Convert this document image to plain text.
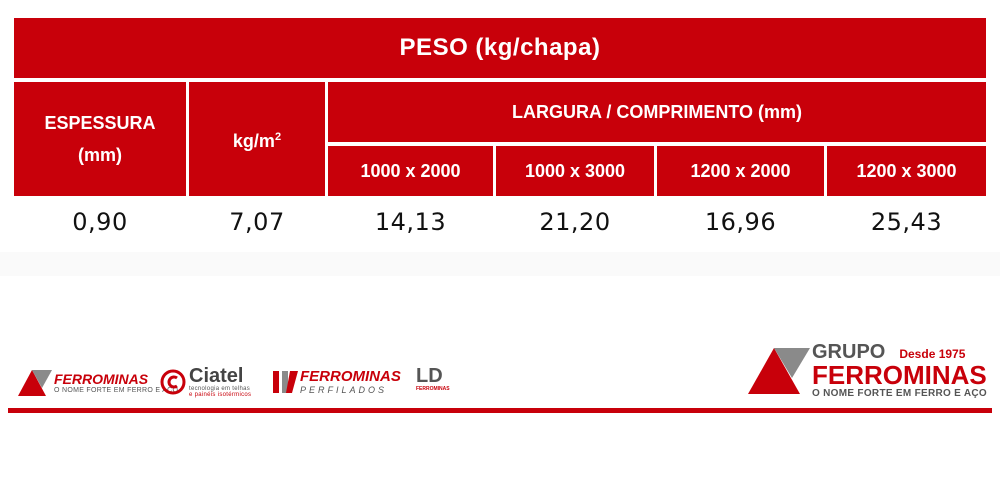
PESO (kg/chapa)
ESPESSURA
(mm)
$kg/m^2$
LARGURA / COMPRIMENTO (mm)
1000 x 2000	1000 x 3000	1200 x 2000	1200 x 3000
0,90	7,07	14,13	21,20	16,96	25,43
FERROMINAS
O NOME FORTE EM FERRO E AÇO
Ciatel
tecnologia em telhas
e painéis isotérmicos
FERROMINAS
PERFILADOS
LD
FERROMINAS
GRUPO Desde 1975
FERROMINAS
O NOME FORTE EM FERRO E AÇO
